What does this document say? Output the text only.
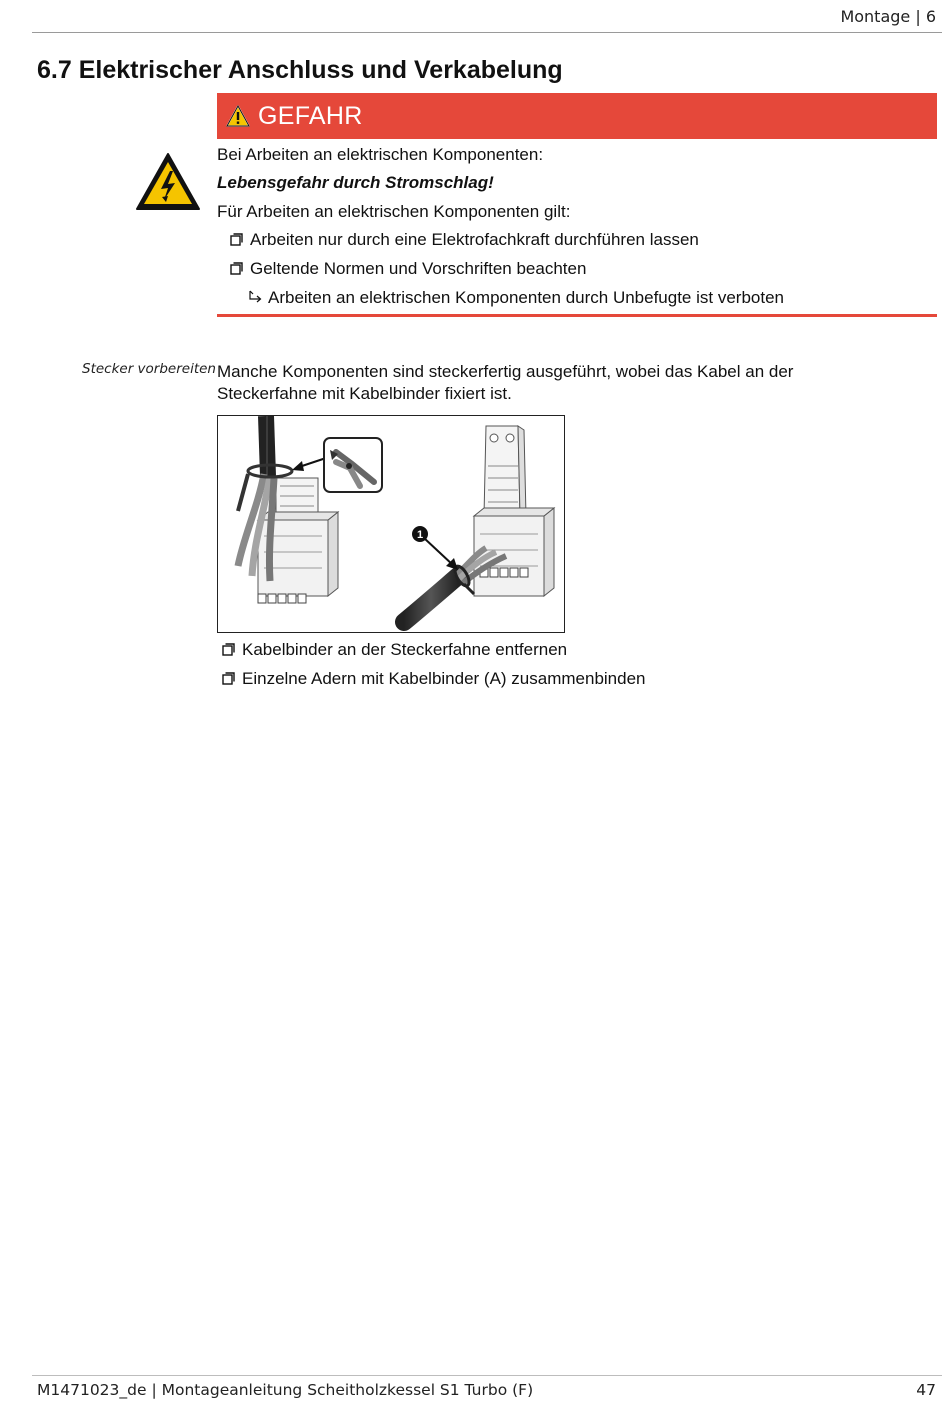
Montage | 6
6.7 Elektrischer Anschluss und Verkabelung
GEFAHR
Bei Arbeiten an elektrischen Komponenten:
Lebensgefahr durch Stromschlag!
Für Arbeiten an elektrischen Komponenten gilt:
Arbeiten nur durch eine Elektrofachkraft durchführen lassen
Geltende Normen und Vorschriften beachten
Arbeiten an elektrischen Komponenten durch Unbefugte ist verboten
Stecker vorbereiten Manche Komponenten sind steckerfertig ausgeführt, wobei das Kabel an der Steckerfahne mit Kabelbinder fixiert ist.

1
Kabelbinder an der Steckerfahne entfernen
Einzelne Adern mit Kabelbinder (A) zusammenbinden
M1471023_de | Montageanleitung Scheitholzkessel S1 Turbo (F)	47
